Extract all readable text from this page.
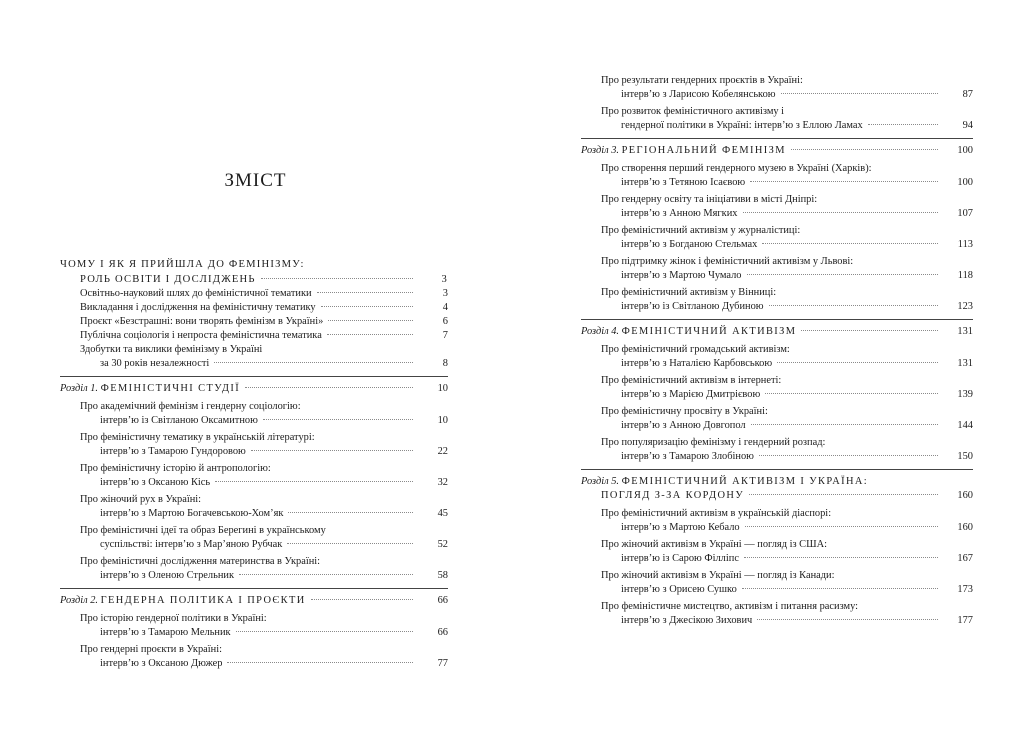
ЗМІСТ
ЧОМУ І ЯК Я ПРИЙШЛА ДО ФЕМІНІЗМУ:
РОЛЬ ОСВІТИ І ДОСЛІДЖЕНЬ	3
Освітньо-науковий шлях до феміністичної тематики	3
Викладання і дослідження на феміністичну тематику	4
Проєкт «Безстрашні: вони творять фемінізм в Україні»	6
Публічна соціологія і непроста феміністична тематика	7
Здобутки та виклики фемінізму в Україні
за 30 років незалежності	8
Розділ 1. ФЕМІНІСТИЧНІ СТУДІЇ	10
Про академічний фемінізм і гендерну соціологію:
інтерв’ю із Світланою Оксамитною	10
Про феміністичну тематику в українській літературі:
інтерв’ю з Тамарою Гундоровою	22
Про феміністичну історію й антропологію:
інтерв’ю з Оксаною Кісь	32
Про жіночий рух в Україні:
інтерв’ю з Мартою Богачевською-Хом’як	45
Про феміністичні ідеї та образ Берегині в українському
суспільстві: інтерв’ю з Мар’яною Рубчак	52
Про феміністичні дослідження материнства в Україні:
інтерв’ю з Оленою Стрельник	58
Розділ 2. ГЕНДЕРНА ПОЛІТИКА І ПРОЄКТИ	66
Про історію гендерної політики в Україні:
інтерв’ю з Тамарою Мельник	66
Про гендерні проєкти в Україні:
інтерв’ю з Оксаною Дюжер	77
Про результати гендерних проєктів в Україні:
інтерв’ю з Ларисою Кобелянською	87
Про розвиток феміністичного активізму і
гендерної політики в Україні: інтерв’ю з Еллою Ламах	94
Розділ 3. РЕГІОНАЛЬНИЙ ФЕМІНІЗМ	100
Про створення перший гендерного музею в Україні (Харків):
інтерв’ю з Тетяною Ісаєвою	100
Про гендерну освіту та ініціативи в місті Дніпрі:
інтерв’ю з Анною Мягких	107
Про феміністичний активізм у журналістиці:
інтерв’ю з Богданою Стельмах	113
Про підтримку жінок і феміністичний активізм у Львові:
інтерв’ю з Мартою Чумало	118
Про феміністичний активізм у Вінниці:
інтерв’ю із Світланою Дубиною	123
Розділ 4. ФЕМІНІСТИЧНИЙ АКТИВІЗМ	131
Про феміністичний громадський активізм:
інтерв’ю з Наталією Карбовською	131
Про феміністичний активізм в інтернеті:
інтерв’ю з Марією Дмитрієвою	139
Про феміністичну просвіту в Україні:
інтерв’ю з Анною Довгопол	144
Про популяризацію фемінізму і гендерний розпад:
інтерв’ю з Тамарою Злобіною	150
Розділ 5. ФЕМІНІСТИЧНИЙ АКТИВІЗМ І УКРАЇНА:
ПОГЛЯД З-ЗА КОРДОНУ	160
Про феміністичний активізм в українській діаспорі:
інтерв’ю з Мартою Кебало	160
Про жіночий активізм в Україні — погляд із США:
інтерв’ю із Сарою Філліпс	167
Про жіночий активізм в Україні — погляд із Канади:
інтерв’ю з Орисею Сушко	173
Про феміністичне мистецтво, активізм і питання расизму:
інтерв’ю з Джесікою Зихович	177
